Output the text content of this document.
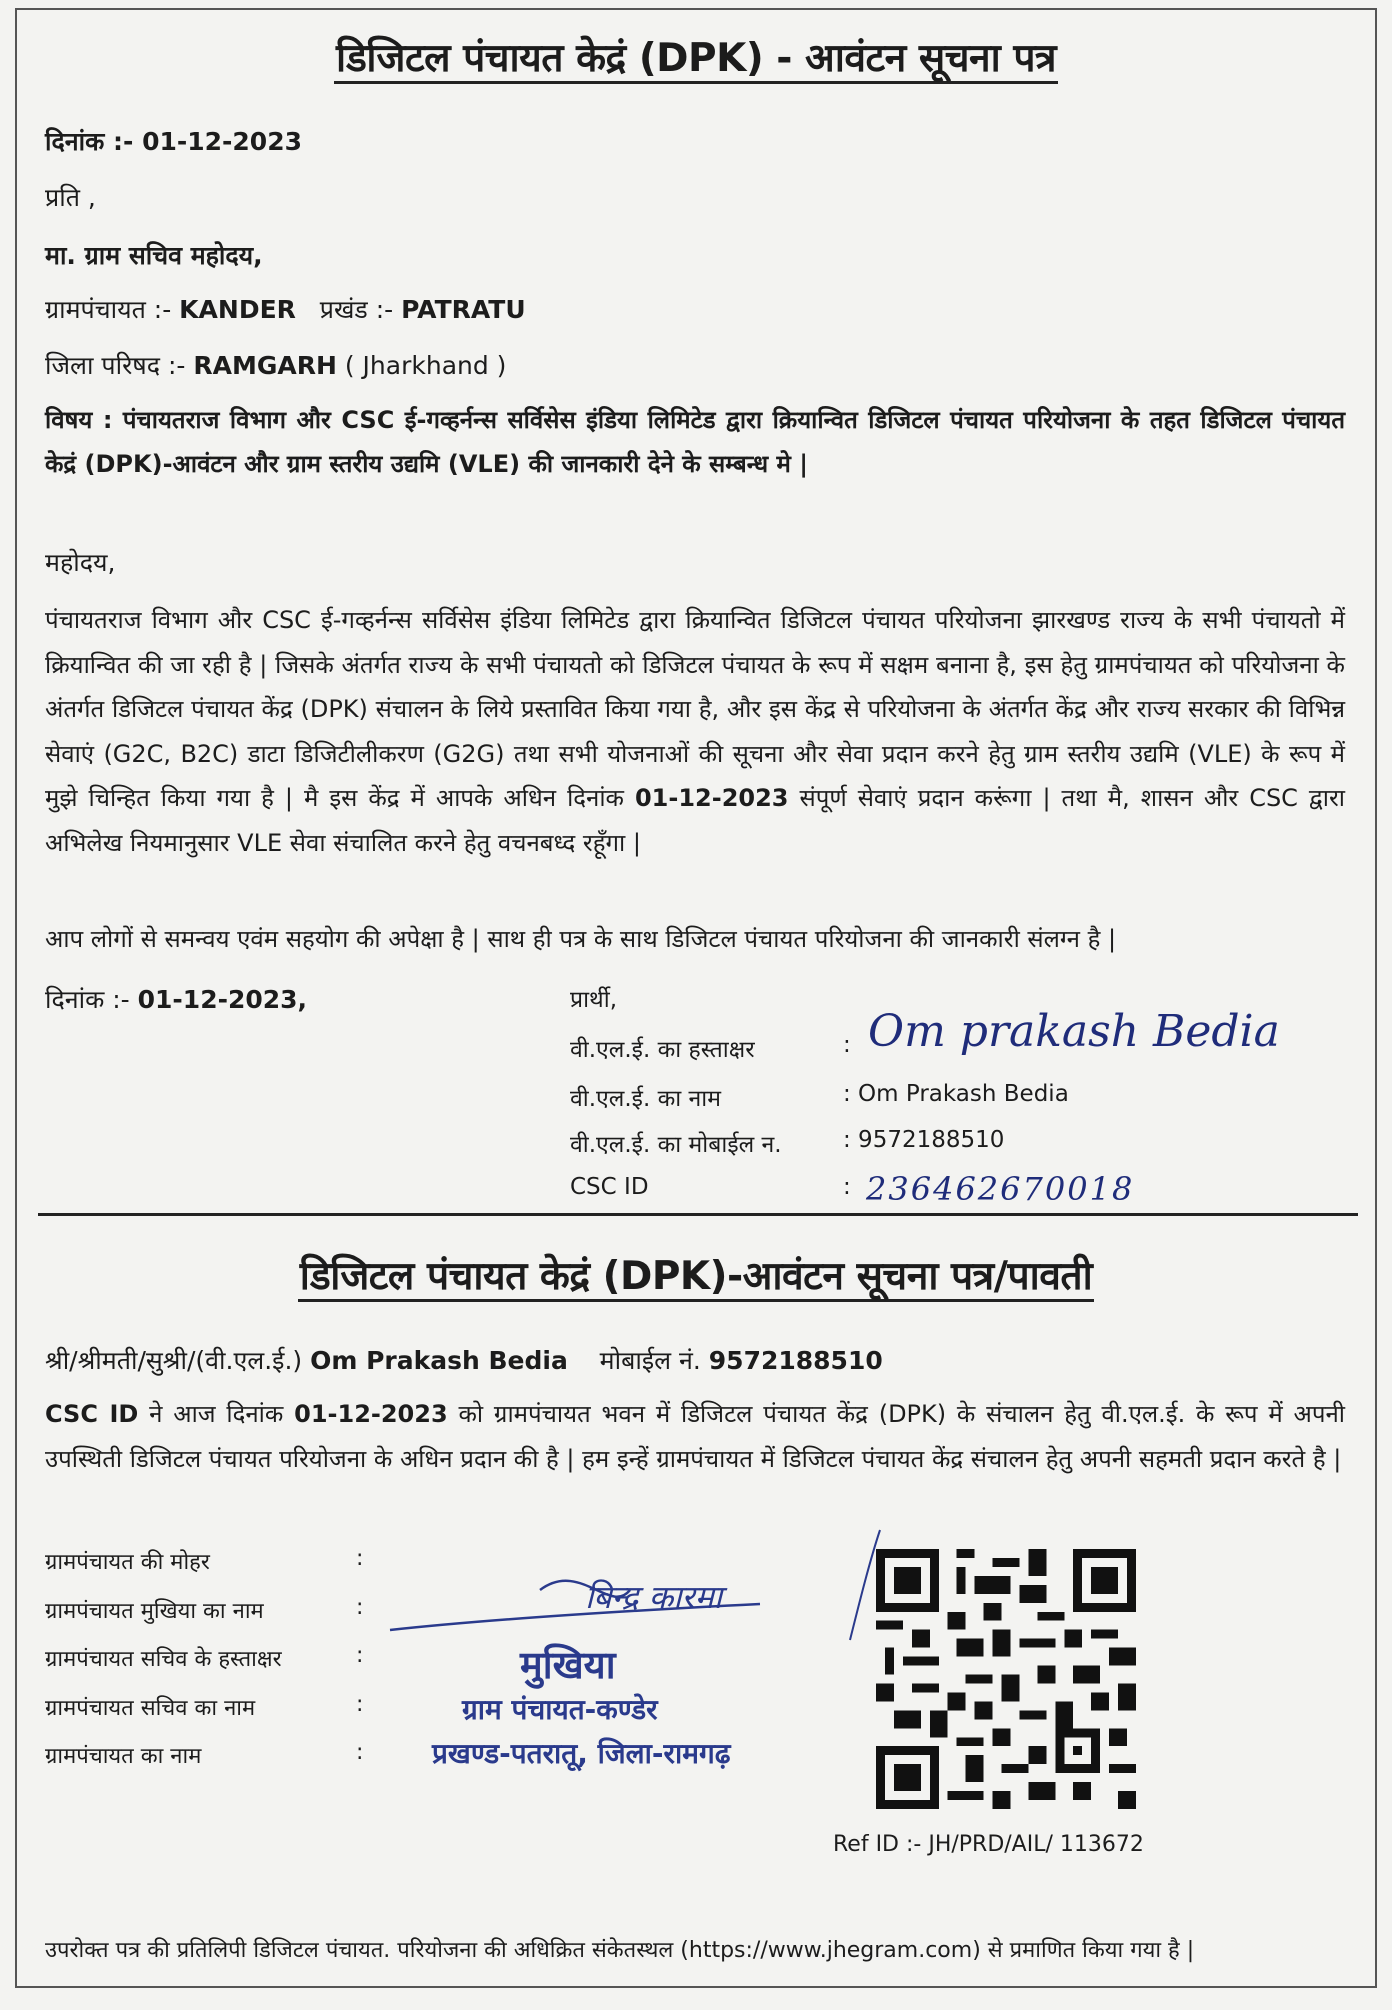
डिजिटल पंचायत केद्रं (DPK) - आवंटन सूचना पत्र
दिनांक :- 01-12-2023
प्रति ,
मा. ग्राम सचिव महोदय,
ग्रामपंचायत :- KANDER प्रखंड :- PATRATU
जिला परिषद :- RAMGARH ( Jharkhand )
विषय : पंचायतराज विभाग और CSC ई-गव्हर्नन्स सर्विसेस इंडिया लिमिटेड द्वारा क्रियान्वित डिजिटल पंचायत परियोजना के तहत डिजिटल पंचायत केद्रं (DPK)-आवंटन और ग्राम स्तरीय उद्यमि (VLE) की जानकारी देने के सम्बन्ध मे |
महोदय,
पंचायतराज विभाग और CSC ई-गव्हर्नन्स सर्विसेस इंडिया लिमिटेड द्वारा क्रियान्वित डिजिटल पंचायत परियोजना झारखण्ड राज्य के सभी पंचायतो में क्रियान्वित की जा रही है | जिसके अंतर्गत राज्य के सभी पंचायतो को डिजिटल पंचायत के रूप में सक्षम बनाना है, इस हेतु ग्रामपंचायत को परियोजना के अंतर्गत डिजिटल पंचायत केंद्र (DPK) संचालन के लिये प्रस्तावित किया गया है, और इस केंद्र से परियोजना के अंतर्गत केंद्र और राज्य सरकार की विभिन्न सेवाएं (G2C, B2C) डाटा डिजिटीलीकरण (G2G) तथा सभी योजनाओं की सूचना और सेवा प्रदान करने हेतु ग्राम स्तरीय उद्यमि (VLE) के रूप में मुझे चिन्हित किया गया है | मै इस केंद्र में आपके अधिन दिनांक 01-12-2023 संपूर्ण सेवाएं प्रदान करूंगा | तथा मै, शासन और CSC द्वारा अभिलेख नियमानुसार VLE सेवा संचालित करने हेतु वचनबध्द रहूँगा |
आप लोगों से समन्वय एवंम सहयोग की अपेक्षा है | साथ ही पत्र के साथ डिजिटल पंचायत परियोजना की जानकारी संलग्न है |
दिनांक :- 01-12-2023,	प्रार्थी,
वी.एल.ई. का हस्ताक्षर	: Om prakash Bedia
वी.एल.ई. का नाम	: Om Prakash Bedia
वी.एल.ई. का मोबाईल न.	: 9572188510
CSC ID	: 236462670018
डिजिटल पंचायत केद्रं (DPK)-आवंटन सूचना पत्र/पावती
श्री/श्रीमती/सुश्री/(वी.एल.ई.) Om Prakash Bedia मोबाईल नं. 9572188510
CSC ID ने आज दिनांक 01-12-2023 को ग्रामपंचायत भवन में डिजिटल पंचायत केंद्र (DPK) के संचालन हेतु वी.एल.ई. के रूप में अपनी उपस्थिती डिजिटल पंचायत परियोजना के अधिन प्रदान की है | हम इन्हें ग्रामपंचायत में डिजिटल पंचायत केंद्र संचालन हेतु अपनी सहमती प्रदान करते है |
ग्रामपंचायत की मोहर	:
ग्रामपंचायत मुखिया का नाम	:
ग्रामपंचायत सचिव के हस्ताक्षर	:
ग्रामपंचायत सचिव का नाम	:
ग्रामपंचायत का नाम	:
बिन्द्र कारमा
मुखिया
ग्राम पंचायत-कण्डेर
प्रखण्ड-पतरातू, जिला-रामगढ़
Ref ID :- JH/PRD/AIL/ 113672
उपरोक्त पत्र की प्रतिलिपी डिजिटल पंचायत. परियोजना की अधिक्रित संकेतस्थल (https://www.jhegram.com) से प्रमाणित किया गया है |
